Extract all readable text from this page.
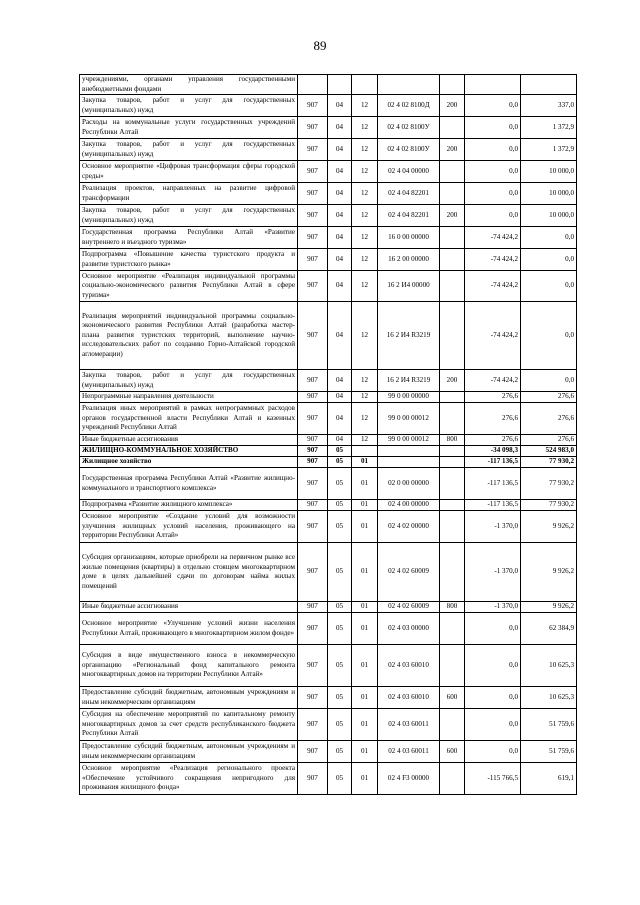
89
учреждениями, органами управления государственными внебюджетными фондами							
Закупка товаров, работ и услуг для государственных (муниципальных) нужд	907	04	12	02 4 02 8100Д	200	0,0	337,0
Расходы на коммунальные услуги государственных учреждений Республики Алтай	907	04	12	02 4 02 8100У		0,0	1 372,9
Закупка товаров, работ и услуг для государственных (муниципальных) нужд	907	04	12	02 4 02 8100У	200	0,0	1 372,9
Основное мероприятие «Цифровая трансформация сферы городской среды»	907	04	12	02 4 04 00000		0,0	10 000,0
Реализация проектов, направленных на развитие цифровой трансформации	907	04	12	02 4 04 82201		0,0	10 000,0
Закупка товаров, работ и услуг для государственных (муниципальных) нужд	907	04	12	02 4 04 82201	200	0,0	10 000,0
Государственная программа Республики Алтай «Развитие внутреннего и въездного туризма»	907	04	12	16 0 00 00000		-74 424,2	0,0
Подпрограмма «Повышение качества туристского продукта и развитие туристского рынка»	907	04	12	16 2 00 00000		-74 424,2	0,0
Основное мероприятие «Реализация индивидуальной программы социально-экономического развития Республики Алтай в сфере туризма»	907	04	12	16 2 И4 00000		-74 424,2	0,0
Реализация мероприятий индивидуальной программы социально-экономического развития Республики Алтай (разработка мастер-плана развития туристских территорий, выполнение научно-исследовательских работ по созданию Горно-Алтайской городской агломерации)	907	04	12	16 2 И4 R3219		-74 424,2	0,0
Закупка товаров, работ и услуг для государственных (муниципальных) нужд	907	04	12	16 2 И4 R3219	200	-74 424,2	0,0
Непрограммные направления деятельности	907	04	12	99 0 00 00000		276,6	276,6
Реализация иных мероприятий в рамках непрограммных расходов органов государственной власти Республики Алтай и казенных учреждений Республики Алтай	907	04	12	99 0 00 00012		276,6	276,6
Иные бюджетные ассигнования	907	04	12	99 0 00 00012	800	276,6	276,6
ЖИЛИЩНО-КОММУНАЛЬНОЕ ХОЗЯЙСТВО	907	05				-34 098,3	524 983,0
Жилищное хозяйство	907	05	01			-117 136,5	77 930,2
Государственная программа Республики Алтай «Развитие жилищно-коммунального и транспортного комплекса»	907	05	01	02 0 00 00000		-117 136,5	77 930,2
Подпрограмма «Развитие жилищного комплекса»	907	05	01	02 4 00 00000		-117 136,5	77 930,2
Основное мероприятие «Создание условий для возможности улучшения жилищных условий населения, проживающего на территории Республики Алтай»	907	05	01	02 4 02 00000		-1 370,0	9 926,2
Субсидия организациям, которые приобрели на первичном рынке все жилые помещения (квартиры) в отдельно стоящем многоквартирном доме в целях дальнейшей сдачи по договорам найма жилых помещений	907	05	01	02 4 02 60009		-1 370,0	9 926,2
Иные бюджетные ассигнования	907	05	01	02 4 02 60009	800	-1 370,0	9 926,2
Основное мероприятие «Улучшение условий жизни населения Республики Алтай, проживающего в многоквартирном жилом фонде»	907	05	01	02 4 03 00000		0,0	62 384,9
Субсидия в виде имущественного взноса в некоммерческую организацию «Региональный фонд капитального ремонта многоквартирных домов на территории Республики Алтай»	907	05	01	02 4 03 60010		0,0	10 625,3
Предоставление субсидий бюджетным, автономным учреждениям и иным некоммерческим организациям	907	05	01	02 4 03 60010	600	0,0	10 625,3
Субсидия на обеспечение мероприятий по капитальному ремонту многоквартирных домов за счет средств республиканского бюджета Республики Алтай	907	05	01	02 4 03 60011		0,0	51 759,6
Предоставление субсидий бюджетным, автономным учреждениям и иным некоммерческим организациям	907	05	01	02 4 03 60011	600	0,0	51 759,6
Основное мероприятие «Реализация регионального проекта «Обеспечение устойчивого сокращения непригодного для проживания жилищного фонда»	907	05	01	02 4 F3 00000		-115 766,5	619,1
